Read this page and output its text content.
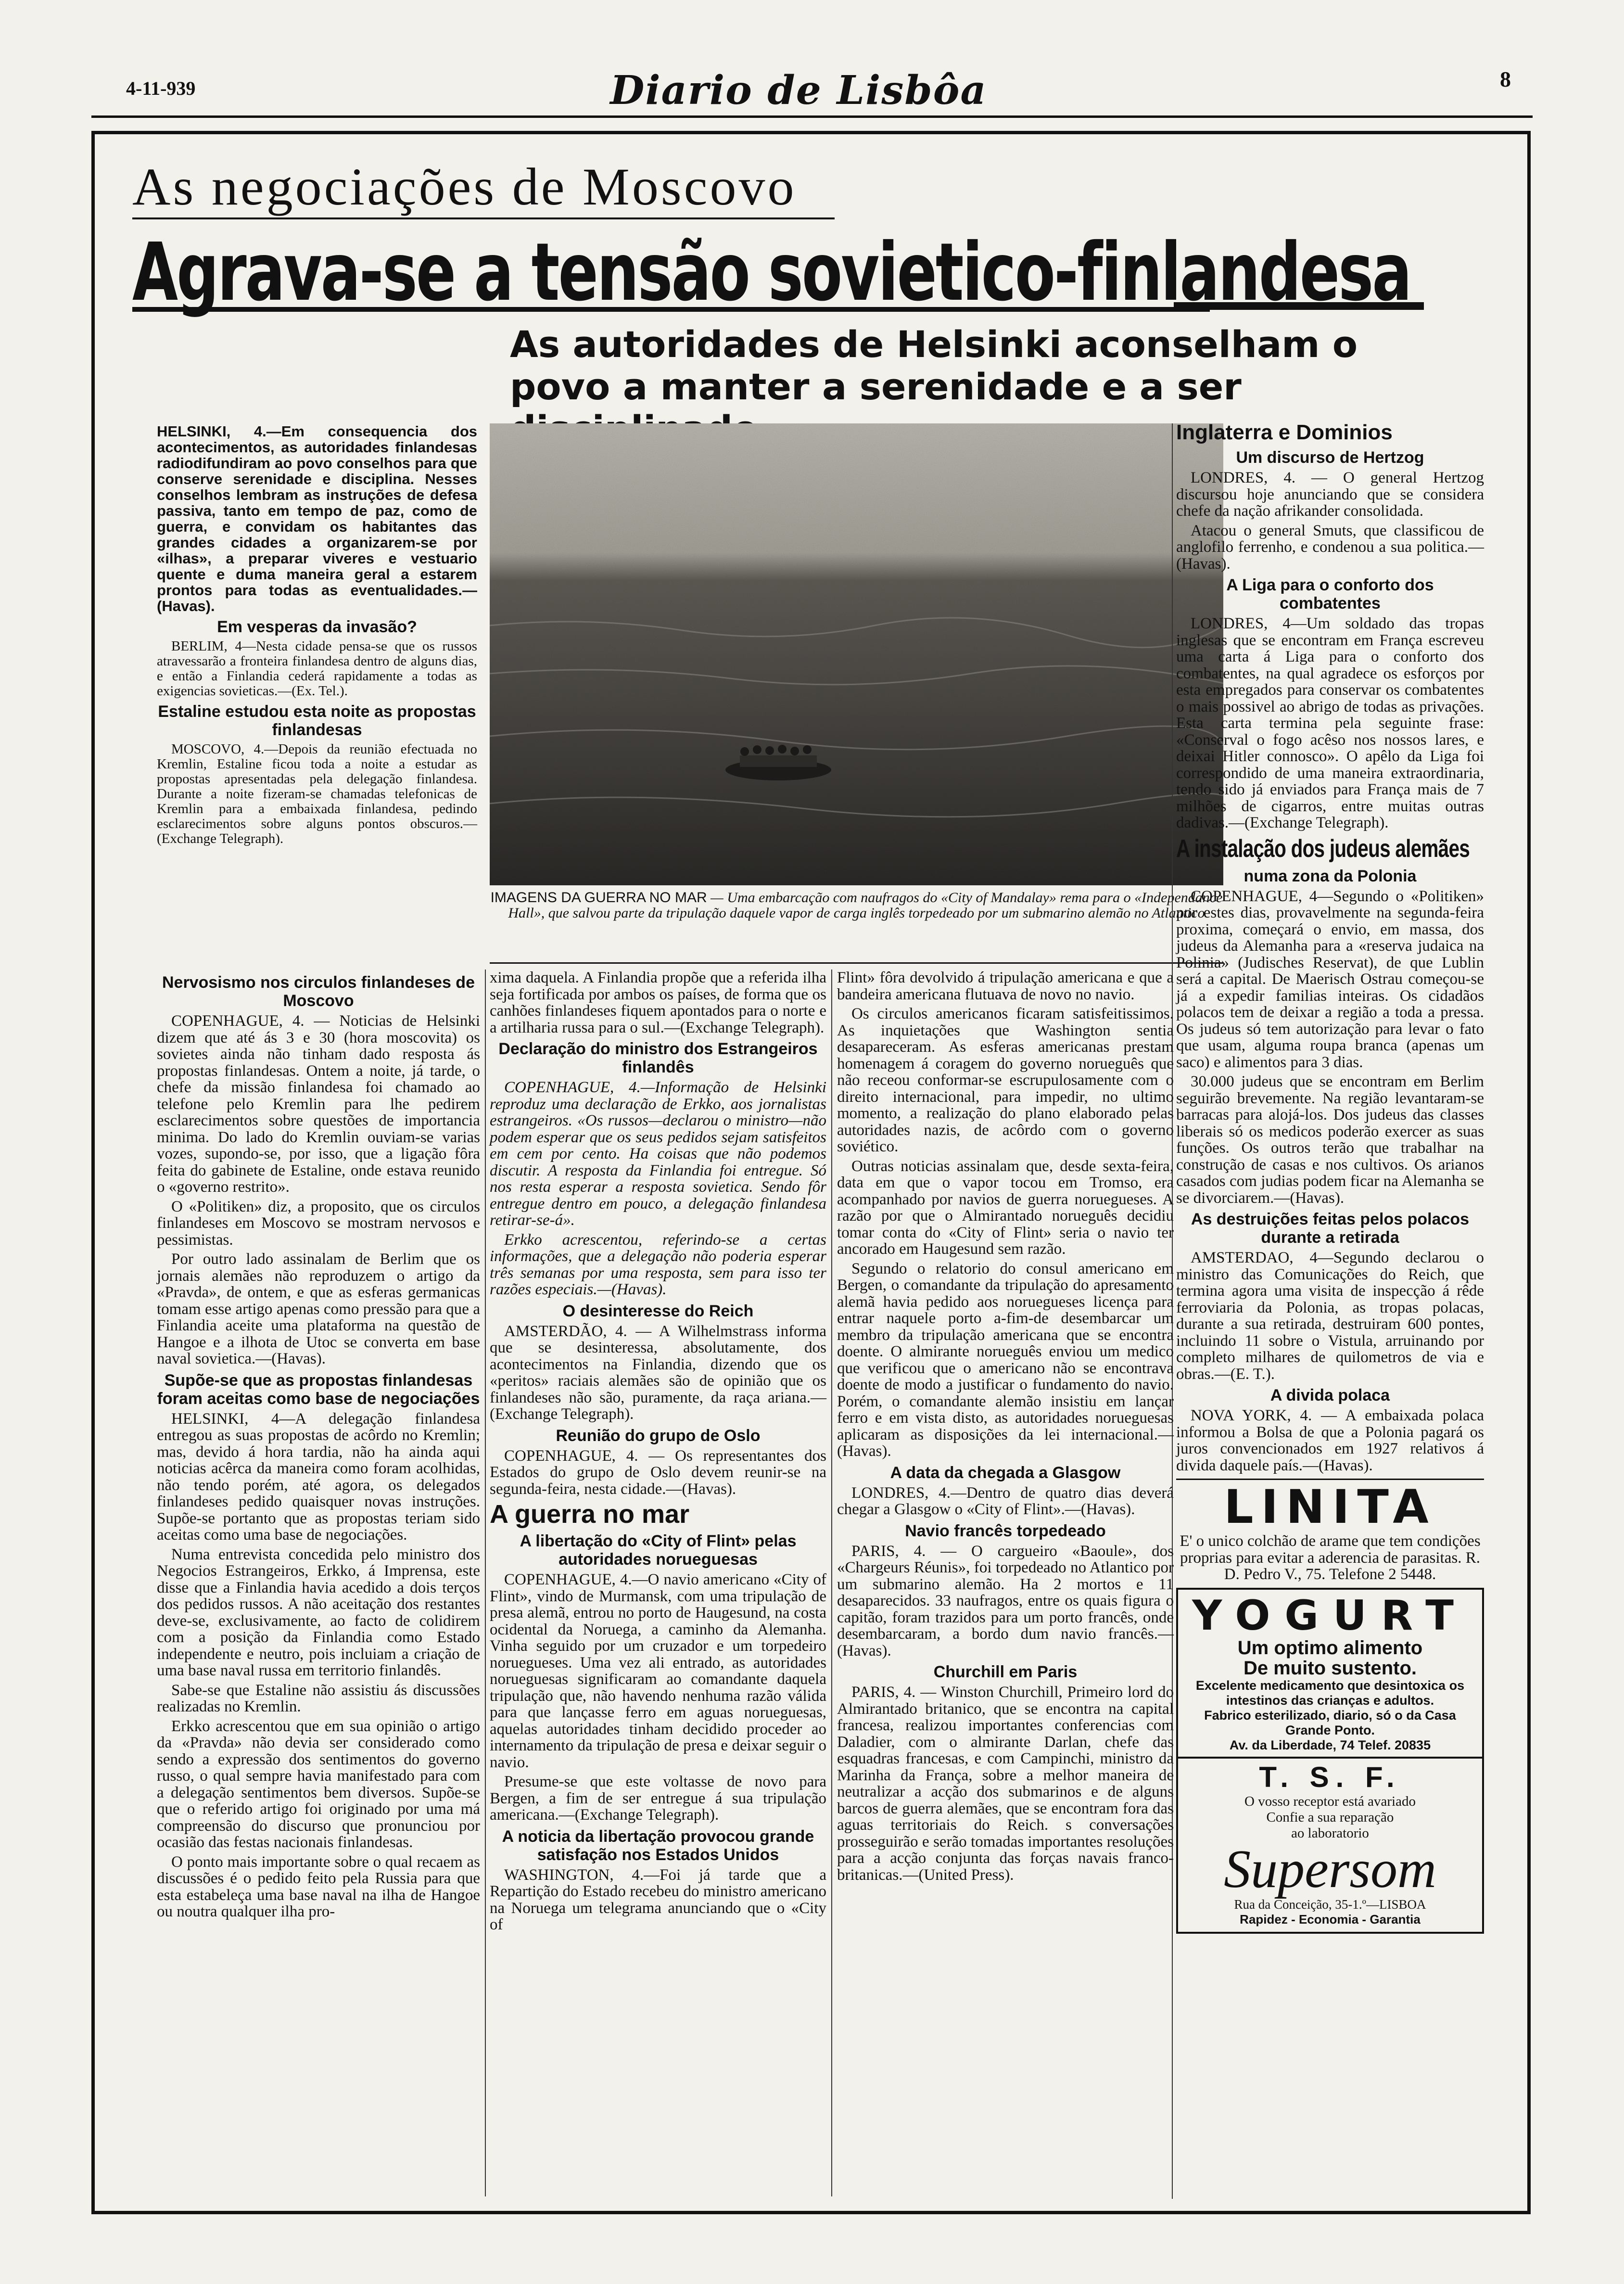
4-11-939	Diario de Lisbôa	8
As negociações de Moscovo
Agrava-se a tensão sovietico-finlandesa
As autoridades de Helsinki aconselham o povo a manter a serenidade e a ser

HELSINKI, 4.—Em consequencia dos acontecimentos, as autoridades finlandesas radiodifundiram ao povo conselhos para que conserve serenidade e disciplina. Nesses conselhos lembram as instruções de defesa passiva, tanto em tempo de paz, como de guerra, e convidam os habitantes das grandes cidades a organizarem-se por «ilhas», a preparar viveres e vestuario quente e duma maneira geral a estarem prontos para todas as eventualidades.—(Havas).

Em vesperas da invasão?

BERLIM, 4—Nesta cidade pensa-se que os russos atravessarão a fronteira finlandesa dentro de alguns dias, e então a Finlandia cederá rapidamente a todas as exigencias sovieticas.—(Ex. Tel.).

Estaline estudou esta noite as propostas finlandesas

MOSCOVO, 4.—Depois da reunião efectuada no Kremlin, Estaline ficou toda a noite a estudar as propostas apresentadas pela delegação finlandesa. Durante a noite fizeram-se chamadas telefonicas de Kremlin para a embaixada finlandesa, pedindo esclarecimentos sobre alguns pontos obscuros.—(Exchange Telegraph).

IMAGENS DA GUERRA NO MAR — Uma embarcação com naufragos do «City of Mandalay» rema para o «Independance Hall», que salvou parte da tripulação daquele vapor de carga inglês torpedeado por um submarino alemão no Atlantico
Nervosismo nos circulos finlandeses de Moscovo

COPENHAGUE, 4. — Noticias de Helsinki dizem que até ás 3 e 30 (hora moscovita) os sovietes ainda não tinham dado resposta ás propostas finlandesas. Ontem a noite, já tarde, o chefe da missão finlandesa foi chamado ao telefone pelo Kremlin para lhe pedirem esclarecimentos sobre questões de importancia minima. Do lado do Kremlin ouviam-se varias vozes, supondo-se, por isso, que a ligação fôra feita do gabinete de Estaline, onde estava reunido o «governo restrito».

O «Politiken» diz, a proposito, que os circulos finlandeses em Moscovo se mostram nervosos e pessimistas.

Por outro lado assinalam de Berlim que os jornais alemães não reproduzem o artigo da «Pravda», de ontem, e que as esferas germanicas tomam esse artigo apenas como pressão para que a Finlandia aceite uma plataforma na questão de Hangoe e a ilhota de Utoc se converta em base naval sovietica.—(Havas).

Supõe-se que as propostas finlandesas foram aceitas como base de negociações

HELSINKI, 4—A delegação finlandesa entregou as suas propostas de acôrdo no Kremlin; mas, devido á hora tardia, não ha ainda aqui noticias acêrca da maneira como foram acolhidas, não tendo porém, até agora, os delegados finlandeses pedido quaisquer novas instruções. Supõe-se portanto que as propostas teriam sido aceitas como uma base de negociações.

Numa entrevista concedida pelo ministro dos Negocios Estrangeiros, Erkko, á Imprensa, este disse que a Finlandia havia acedido a dois terços dos pedidos russos. A não aceitação dos restantes deve-se, exclusivamente, ao facto de colidirem com a posição da Finlandia como Estado independente e neutro, pois incluiam a criação de uma base naval russa em territorio finlandês.

Sabe-se que Estaline não assistiu ás discussões realizadas no Kremlin.

Erkko acrescentou que em sua opinião o artigo da «Pravda» não devia ser considerado como sendo a expressão dos sentimentos do governo russo, o qual sempre havia manifestado para com a delegação sentimentos bem diversos. Supõe-se que o referido artigo foi originado por uma má compreensão do discurso que pronunciou por ocasião das festas nacionais finlandesas.

O ponto mais importante sobre o qual recaem as discussões é o pedido feito pela Russia para que esta estabeleça uma base naval na ilha de Hangoe ou noutra qualquer ilha pro-

xima daquela. A Finlandia propõe que a referida ilha seja fortificada por ambos os países, de forma que os canhões finlandeses fiquem apontados para o norte e a artilharia russa para o sul.—(Exchange Telegraph).

Declaração do ministro dos Estrangeiros finlandês

COPENHAGUE, 4.—Informação de Helsinki reproduz uma declaração de Erkko, aos jornalistas estrangeiros. «Os russos—declarou o ministro—não podem esperar que os seus pedidos sejam satisfeitos em cem por cento. Ha coisas que não podemos discutir. A resposta da Finlandia foi entregue. Só nos resta esperar a resposta sovietica. Sendo fôr entregue dentro em pouco, a delegação finlandesa retirar-se-á».

Erkko acrescentou, referindo-se a certas informações, que a delegação não poderia esperar três semanas por uma resposta, sem para isso ter razões especiais.—(Havas).

O desinteresse do Reich

AMSTERDÃO, 4. — A Wilhelmstrass informa que se desinteressa, absolutamente, dos acontecimentos na Finlandia, dizendo que os «peritos» raciais alemães são de opinião que os finlandeses não são, puramente, da raça ariana.—(Exchange Telegraph).

Reunião do grupo de Oslo

COPENHAGUE, 4. — Os representantes dos Estados do grupo de Oslo devem reunir-se na segunda-feira, nesta cidade.—(Havas).

A guerra no mar
A libertação do «City of Flint» pelas autoridades norueguesas

COPENHAGUE, 4.—O navio americano «City of Flint», vindo de Murmansk, com uma tripulação de presa alemã, entrou no porto de Haugesund, na costa ocidental da Noruega, a caminho da Alemanha. Vinha seguido por um cruzador e um torpedeiro noruegueses. Uma vez ali entrado, as autoridades norueguesas significaram ao comandante daquela tripulação que, não havendo nenhuma razão válida para que lançasse ferro em aguas norueguesas, aquelas autoridades tinham decidido proceder ao internamento da tripulação de presa e deixar seguir o navio.

Presume-se que este voltasse de novo para Bergen, a fim de ser entregue á sua tripulação americana.—(Exchange Telegraph).

A noticia da libertação provocou grande satisfação nos Estados Unidos

WASHINGTON, 4.—Foi já tarde que a Repartição do Estado recebeu do ministro americano na Noruega um telegrama anunciando que o «City of

Flint» fôra devolvido á tripulação americana e que a bandeira americana flutuava de novo no navio.

Os circulos americanos ficaram satisfeitissimos. As inquietações que Washington sentia desapareceram. As esferas americanas prestam homenagem á coragem do governo norueguês que não receou conformar-se escrupulosamente com o direito internacional, para impedir, no ultimo momento, a realização do plano elaborado pelas autoridades nazis, de acôrdo com o governo soviético.

Outras noticias assinalam que, desde sexta-feira, data em que o vapor tocou em Tromso, era acompanhado por navios de guerra noruegueses. A razão por que o Almirantado norueguês decidiu tomar conta do «City of Flint» seria o navio ter ancorado em Haugesund sem razão.

Segundo o relatorio do consul americano em Bergen, o comandante da tripulação do apresamento alemã havia pedido aos noruegueses licença para entrar naquele porto a-fim-de desembarcar um membro da tripulação americana que se encontra doente. O almirante norueguês enviou um medico que verificou que o americano não se encontrava doente de modo a justificar o fundamento do navio. Porém, o comandante alemão insistiu em lançar ferro e em vista disto, as autoridades norueguesas aplicaram as disposições da lei internacional.—(Havas).

A data da chegada a Glasgow

LONDRES, 4.—Dentro de quatro dias deverá chegar a Glasgow o «City of Flint».—(Havas).

Navio francês torpedeado

PARIS, 4. — O cargueiro «Baoule», dos «Chargeurs Réunis», foi torpedeado no Atlantico por um submarino alemão. Ha 2 mortos e 11 desaparecidos. 33 naufragos, entre os quais figura o capitão, foram trazidos para um porto francês, onde desembarcaram, a bordo dum navio francês.—(Havas).

Churchill em Paris

PARIS, 4. — Winston Churchill, Primeiro lord do Almirantado britanico, que se encontra na capital francesa, realizou importantes conferencias com Daladier, com o almirante Darlan, chefe das esquadras francesas, e com Campinchi, ministro da Marinha da França, sobre a melhor maneira de neutralizar a acção dos submarinos e de alguns barcos de guerra alemães, que se encontram fora das aguas territoriais do Reich. s conversações prosseguirão e serão tomadas importantes resoluções para a acção conjunta das forças navais franco-britanicas.—(United Press).

Inglaterra e Dominios
Um discurso de Hertzog

LONDRES, 4. — O general Hertzog discursou hoje anunciando que se considera chefe da nação afrikander consolidada.

Atacou o general Smuts, que classificou de anglofilo ferrenho, e condenou a sua politica.—(Havas).

A Liga para o conforto dos combatentes

LONDRES, 4—Um soldado das tropas inglesas que se encontram em França escreveu uma carta á Liga para o conforto dos combatentes, na qual agradece os esforços por esta empregados para conservar os combatentes o mais possivel ao abrigo de todas as privações. Esta carta termina pela seguinte frase: «Conserval o fogo acêso nos nossos lares, e deixai Hitler connosco». O apêlo da Liga foi correspondido de uma maneira extraordinaria, tendo sido já enviados para França mais de 7 milhões de cigarros, entre muitas outras dadivas.—(Exchange Telegraph).

A instalação dos judeus alemães
numa zona da Polonia

COPENHAGUE, 4—Segundo o «Politiken» por estes dias, provavelmente na segunda-feira proxima, começará o envio, em massa, dos judeus da Alemanha para a «reserva judaica na Polinia» (Judisches Reservat), de que Lublin será a capital. De Maerisch Ostrau começou-se já a expedir familias inteiras. Os cidadãos polacos tem de deixar a região a toda a pressa. Os judeus só tem autorização para levar o fato que usam, alguma roupa branca (apenas um saco) e alimentos para 3 dias.

30.000 judeus que se encontram em Berlim seguirão brevemente. Na região levantaram-se barracas para alojá-los. Dos judeus das classes liberais só os medicos poderão exercer as suas funções. Os outros terão que trabalhar na construção de casas e nos cultivos. Os arianos casados com judias podem ficar na Alemanha se se divorciarem.—(Havas).

As destruições feitas pelos polacos durante a retirada

AMSTERDAO, 4—Segundo declarou o ministro das Comunicações do Reich, que termina agora uma visita de inspecção á rêde ferroviaria da Polonia, as tropas polacas, durante a sua retirada, destruiram 600 pontes, incluindo 11 sobre o Vistula, arruinando por completo milhares de quilometros de via e obras.—(E. T.).

A divida polaca

NOVA YORK, 4. — A embaixada polaca informou a Bolsa de que a Polonia pagará os juros convencionados em 1927 relativos á divida daquele país.—(Havas).

LINITA

E' o unico colchão de arame que tem condições proprias para evitar a aderencia de parasitas. R. D. Pedro V., 75. Telefone 2 5448.

YOGURT
Um optimo alimento
De muito sustento.
Excelente medicamento que desintoxica os intestinos das crianças e adultos.
Fabrico esterilizado, diario, só o da Casa Grande Ponto.
Av. da Liberdade, 74 Telef. 20835
T. S. F.
O vosso receptor está avariado
Confie a sua reparação
ao laboratorio
Supersom
Rua da Conceição, 35-1.º—LISBOA
Rapidez - Economia - Garantia
